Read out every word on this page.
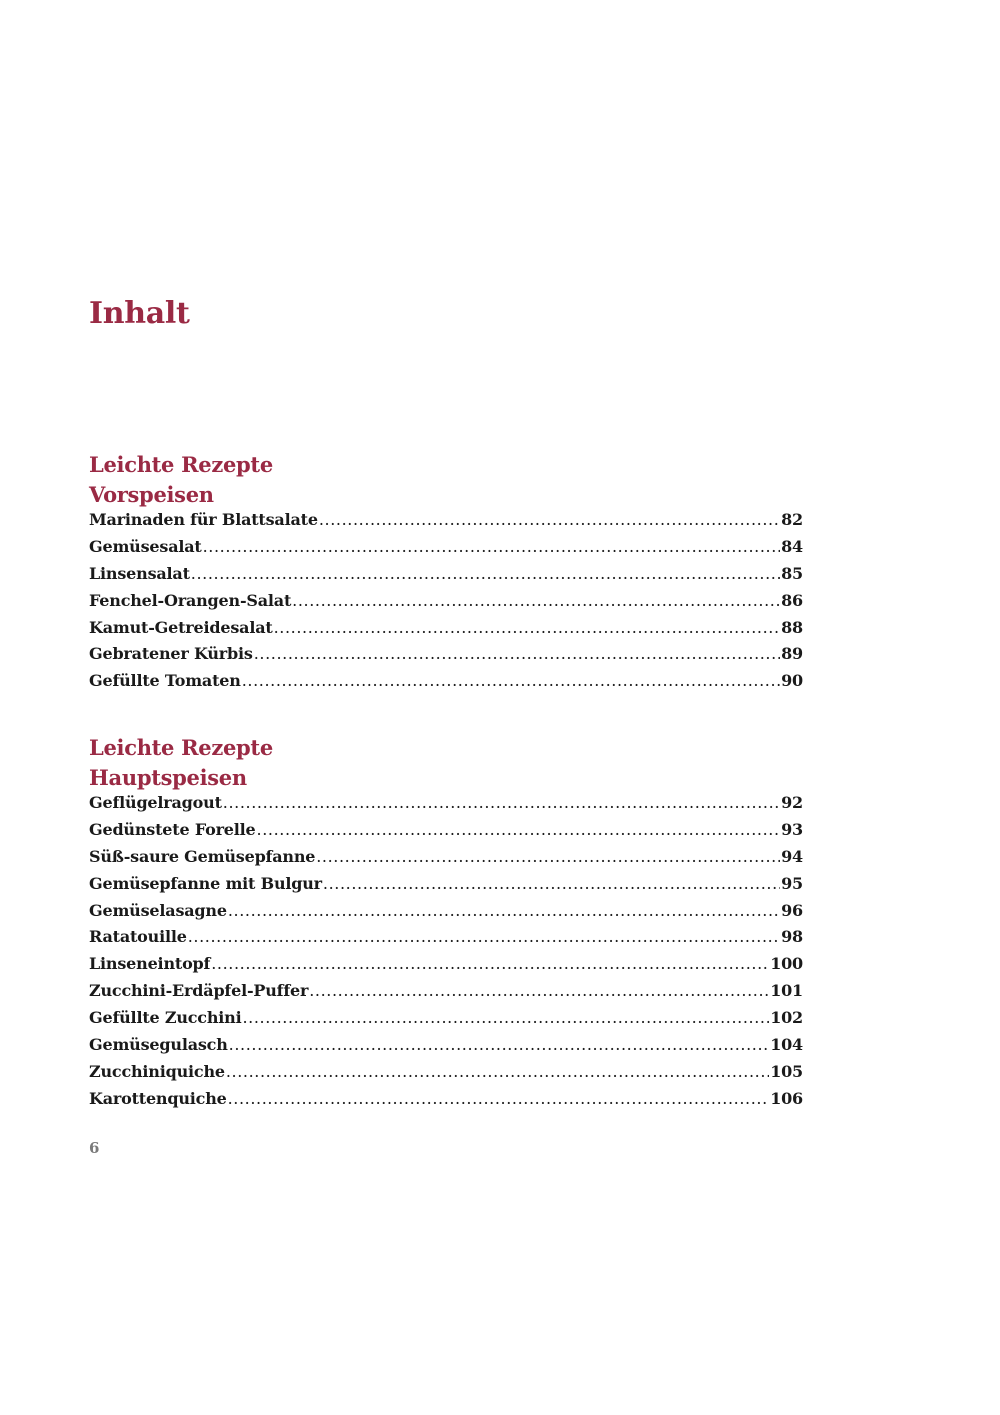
Inhalt
Leichte Rezepte
Vorspeisen
Marinaden für Blattsalate .....	82
Gemüsesalat .....	84
Linsensalat .....	85
Fenchel-Orangen-Salat .....	86
Kamut-Getreidesalat .....	88
Gebratener Kürbis .....	89
Gefüllte Tomaten .....	90
Leichte Rezepte
Hauptspeisen
Geflügelragout .....	92
Gedünstete Forelle .....	93
Süß-saure Gemüsepfanne .....	94
Gemüsepfanne mit Bulgur .....	95
Gemüselasagne .....	96
Ratatouille .....	98
Linseneintopf .....	100
Zucchini-Erdäpfel-Puffer .....	101
Gefüllte Zucchini .....	102
Gemüsegulasch .....	104
Zucchiniquiche .....	105
Karottenquiche .....	106
6
